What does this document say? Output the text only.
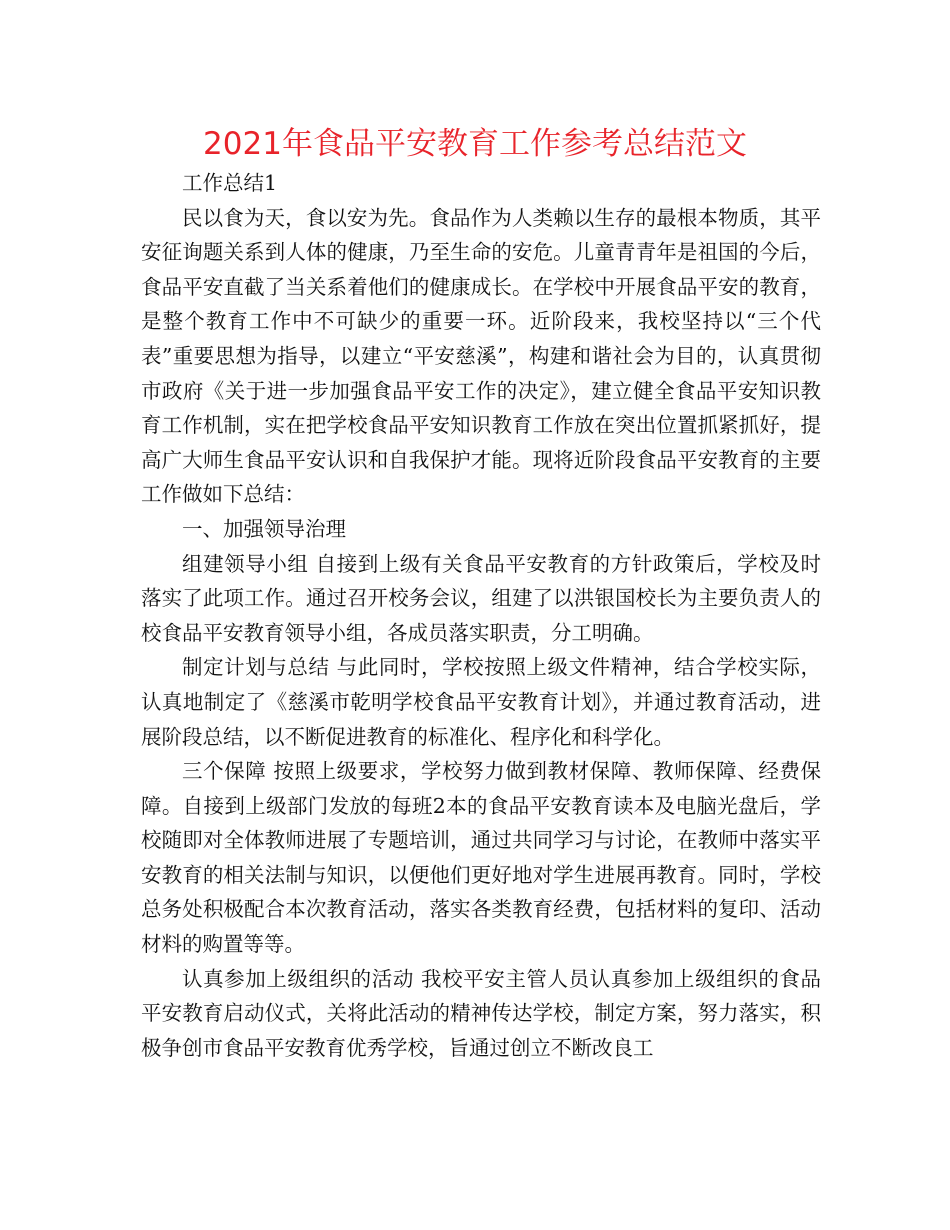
2021年食品平安教育工作参考总结范文

工作总结1

民以食为天，食以安为先。食品作为人类赖以生存的最根本物质，其平安征询题关系到人体的健康，乃至生命的安危。儿童青青年是祖国的今后，食品平安直截了当关系着他们的健康成长。在学校中开展食品平安的教育，是整个教育工作中不可缺少的重要一环。近阶段来，我校坚持以“三个代表”重要思想为指导，以建立“平安慈溪”，构建和谐社会为目的，认真贯彻市政府《关于进一步加强食品平安工作的决定》，建立健全食品平安知识教育工作机制，实在把学校食品平安知识教育工作放在突出位置抓紧抓好，提高广大师生食品平安认识和自我保护才能。现将近阶段食品平安教育的主要工作做如下总结：

一、加强领导治理

组建领导小组 自接到上级有关食品平安教育的方针政策后，学校及时落实了此项工作。通过召开校务会议，组建了以洪银国校长为主要负责人的校食品平安教育领导小组，各成员落实职责，分工明确。

制定计划与总结 与此同时，学校按照上级文件精神，结合学校实际，认真地制定了《慈溪市乾明学校食品平安教育计划》，并通过教育活动，进展阶段总结，以不断促进教育的标准化、程序化和科学化。

三个保障 按照上级要求，学校努力做到教材保障、教师保障、经费保障。自接到上级部门发放的每班2本的食品平安教育读本及电脑光盘后，学校随即对全体教师进展了专题培训，通过共同学习与讨论，在教师中落实平安教育的相关法制与知识，以便他们更好地对学生进展再教育。同时，学校总务处积极配合本次教育活动，落实各类教育经费，包括材料的复印、活动材料的购置等等。

认真参加上级组织的活动 我校平安主管人员认真参加上级组织的食品平安教育启动仪式，关将此活动的精神传达学校，制定方案，努力落实，积极争创市食品平安教育优秀学校，旨通过创立不断改良工
